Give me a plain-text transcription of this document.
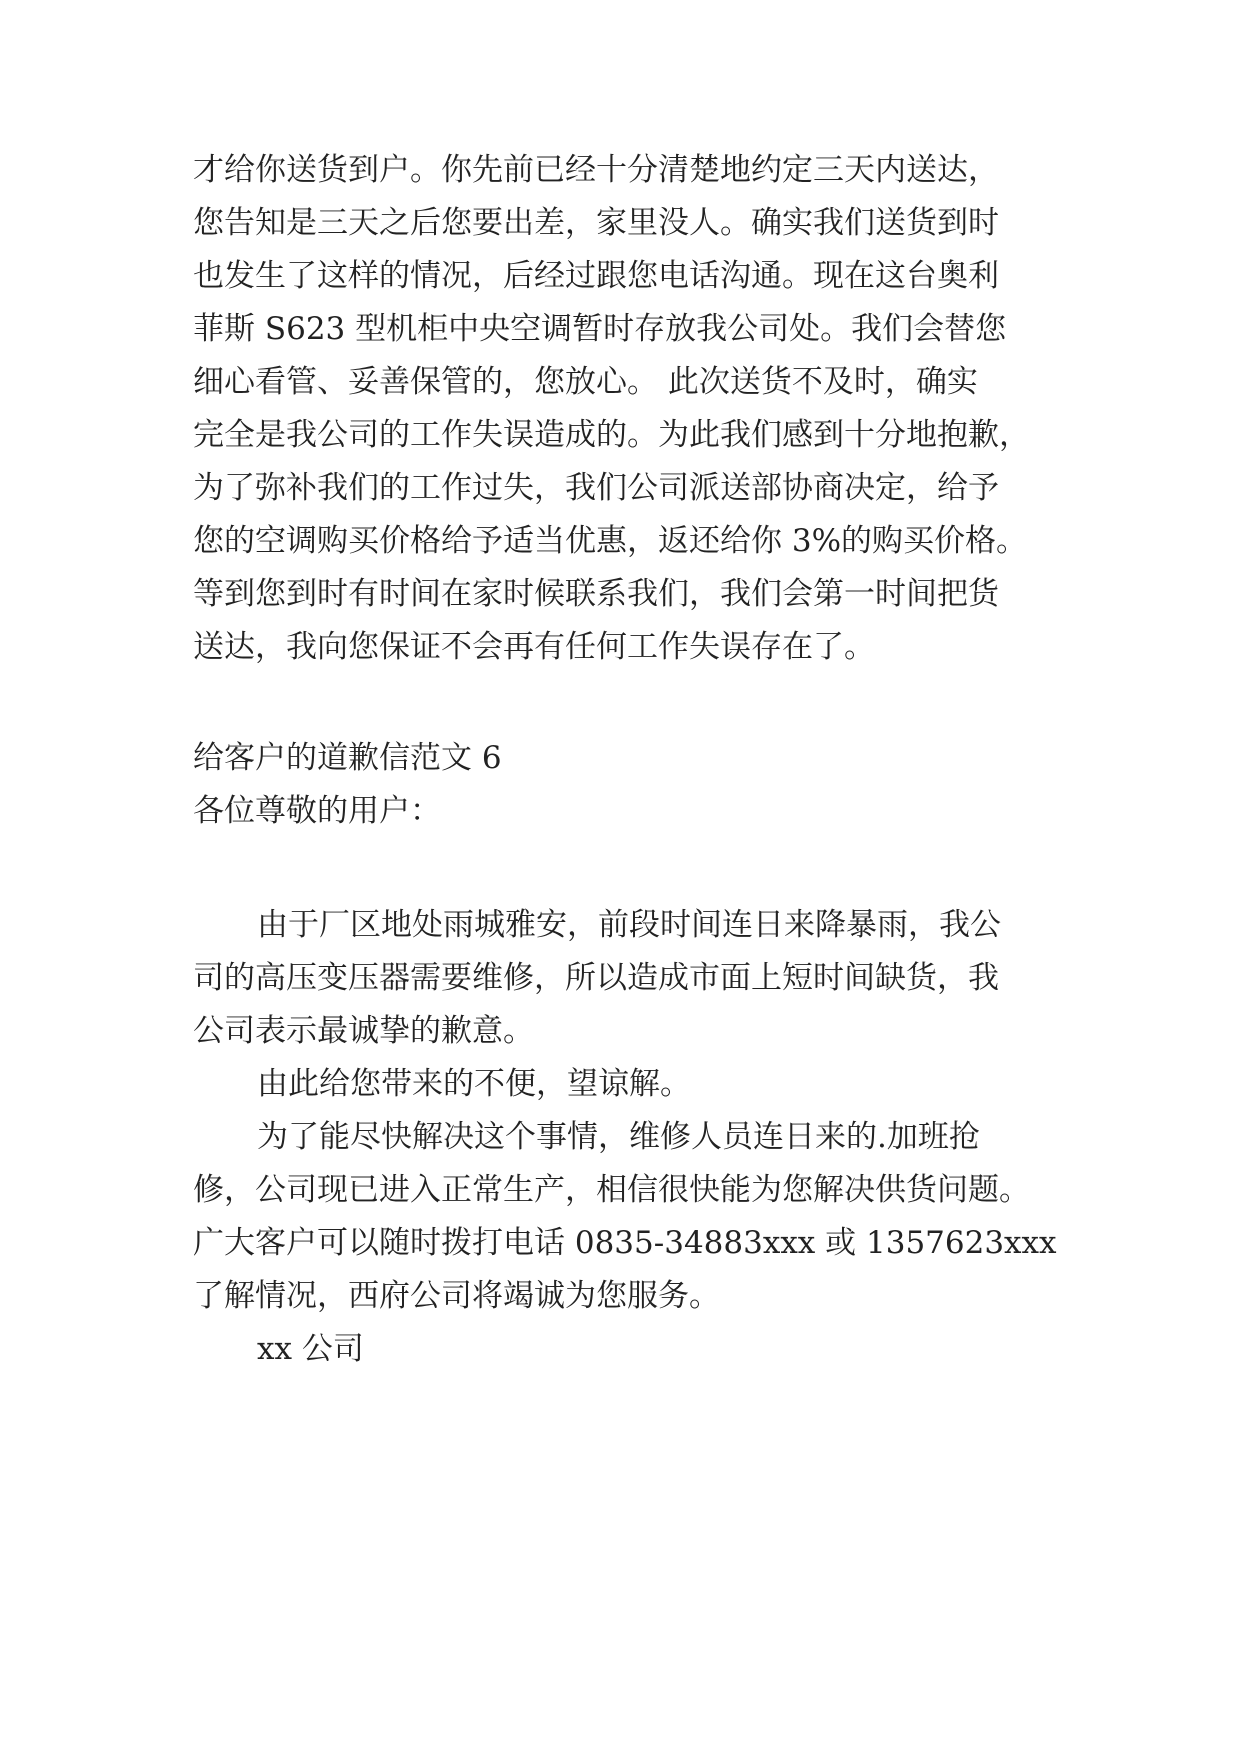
才给你送货到户。你先前已经十分清楚地约定三天内送达，
您告知是三天之后您要出差，家里没人。确实我们送货到时
也发生了这样的情况，后经过跟您电话沟通。现在这台奥利
菲斯 S623 型机柜中央空调暂时存放我公司处。我们会替您
细心看管、妥善保管的，您放心。 此次送货不及时，确实
完全是我公司的工作失误造成的。为此我们感到十分地抱歉，
为了弥补我们的工作过失，我们公司派送部协商决定，给予
您的空调购买价格给予适当优惠，返还给你 3%的购买价格。
等到您到时有时间在家时候联系我们，我们会第一时间把货
送达，我向您保证不会再有任何工作失误存在了。
给客户的道歉信范文 6
各位尊敬的用户：
由于厂区地处雨城雅安，前段时间连日来降暴雨，我公
司的高压变压器需要维修，所以造成市面上短时间缺货，我
公司表示最诚挚的歉意。
由此给您带来的不便，望谅解。
为了能尽快解决这个事情，维修人员连日来的.加班抢
修，公司现已进入正常生产，相信很快能为您解决供货问题。
广大客户可以随时拨打电话 0835-34883xxx 或 1357623xxx
了解情况，西府公司将竭诚为您服务。
xx 公司
